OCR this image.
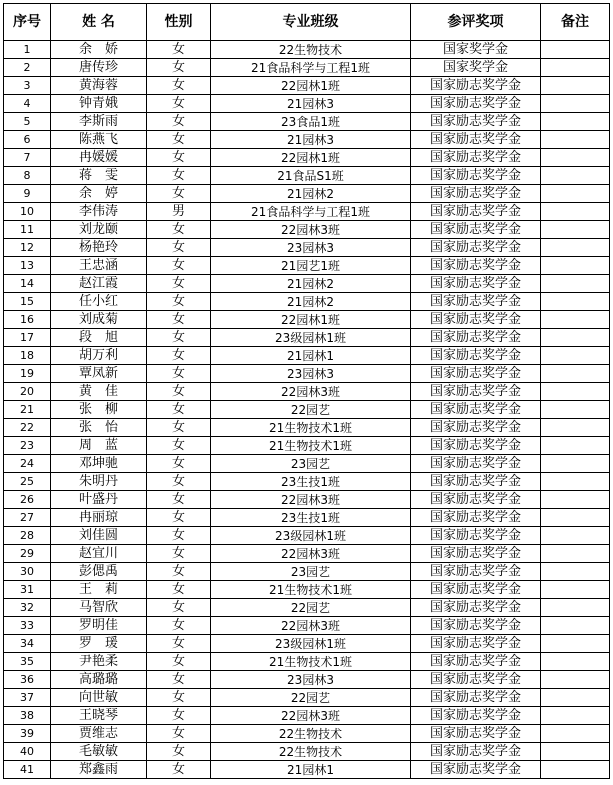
序号	姓 名	性别	专业班级	参评奖项	备注
1	余　娇	女	22生物技术	国家奖学金	
2	唐传珍	女	21食品科学与工程1班	国家奖学金	
3	黄海蓉	女	22园林1班	国家励志奖学金	
4	钟青娥	女	21园林3	国家励志奖学金	
5	李斯雨	女	23食品1班	国家励志奖学金	
6	陈燕飞	女	21园林3	国家励志奖学金	
7	冉媛媛	女	22园林1班	国家励志奖学金	
8	蒋　雯	女	21食品S1班	国家励志奖学金	
9	余　婷	女	21园林2	国家励志奖学金	
10	李伟涛	男	21食品科学与工程1班	国家励志奖学金	
11	刘龙颐	女	22园林3班	国家励志奖学金	
12	杨艳玲	女	23园林3	国家励志奖学金	
13	王忠涵	女	21园艺1班	国家励志奖学金	
14	赵江霞	女	21园林2	国家励志奖学金	
15	任小红	女	21园林2	国家励志奖学金	
16	刘成菊	女	22园林1班	国家励志奖学金	
17	段　旭	女	23级园林1班	国家励志奖学金	
18	胡万利	女	21园林1	国家励志奖学金	
19	覃凤新	女	23园林3	国家励志奖学金	
20	黄　佳	女	22园林3班	国家励志奖学金	
21	张　柳	女	22园艺	国家励志奖学金	
22	张　怡	女	21生物技术1班	国家励志奖学金	
23	周　蓝	女	21生物技术1班	国家励志奖学金	
24	邓坤驰	女	23园艺	国家励志奖学金	
25	朱明丹	女	23生技1班	国家励志奖学金	
26	叶盛丹	女	22园林3班	国家励志奖学金	
27	冉丽琼	女	23生技1班	国家励志奖学金	
28	刘佳圆	女	23级园林1班	国家励志奖学金	
29	赵宜川	女	22园林3班	国家励志奖学金	
30	彭偲禹	女	23园艺	国家励志奖学金	
31	王　莉	女	21生物技术1班	国家励志奖学金	
32	马智欣	女	22园艺	国家励志奖学金	
33	罗明佳	女	22园林3班	国家励志奖学金	
34	罗　瑗	女	23级园林1班	国家励志奖学金	
35	尹艳柔	女	21生物技术1班	国家励志奖学金	
36	高璐璐	女	23园林3	国家励志奖学金	
37	向世敏	女	22园艺	国家励志奖学金	
38	王晓琴	女	22园林3班	国家励志奖学金	
39	贾维志	女	22生物技术	国家励志奖学金	
40	毛敏敏	女	22生物技术	国家励志奖学金	
41	郑鑫雨	女	21园林1	国家励志奖学金	
